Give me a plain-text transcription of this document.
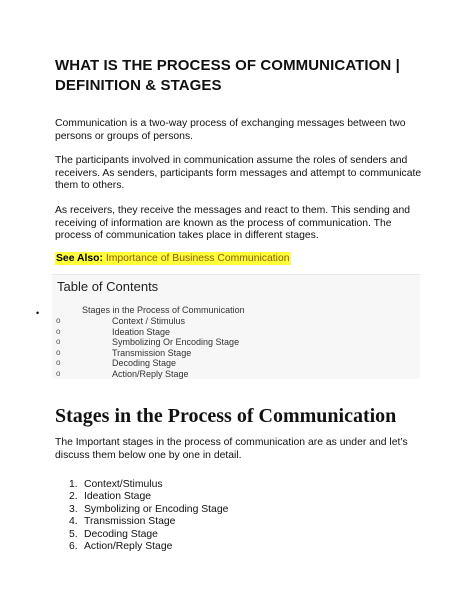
WHAT IS THE PROCESS OF COMMUNICATION | DEFINITION & STAGES

Communication is a two-way process of exchanging messages between two persons or groups of persons.

The participants involved in communication assume the roles of senders and receivers. As senders, participants form messages and attempt to communicate them to others.

As receivers, they receive the messages and react to them. This sending and receiving of information are known as the process of communication. The process of communication takes place in different stages.

See Also: Importance of Business Communication
Table of Contents
•	Stages in the Process of Communication
o	Context / Stimulus
o	Ideation Stage
o	Symbolizing Or Encoding Stage
o	Transmission Stage
o	Decoding Stage
o	Action/Reply Stage
Stages in the Process of Communication

The Important stages in the process of communication are as under and let’s discuss them below one by one in detail.

1. Context/Stimulus
2. Ideation Stage
3. Symbolizing or Encoding Stage
4. Transmission Stage
5. Decoding Stage
6. Action/Reply Stage
